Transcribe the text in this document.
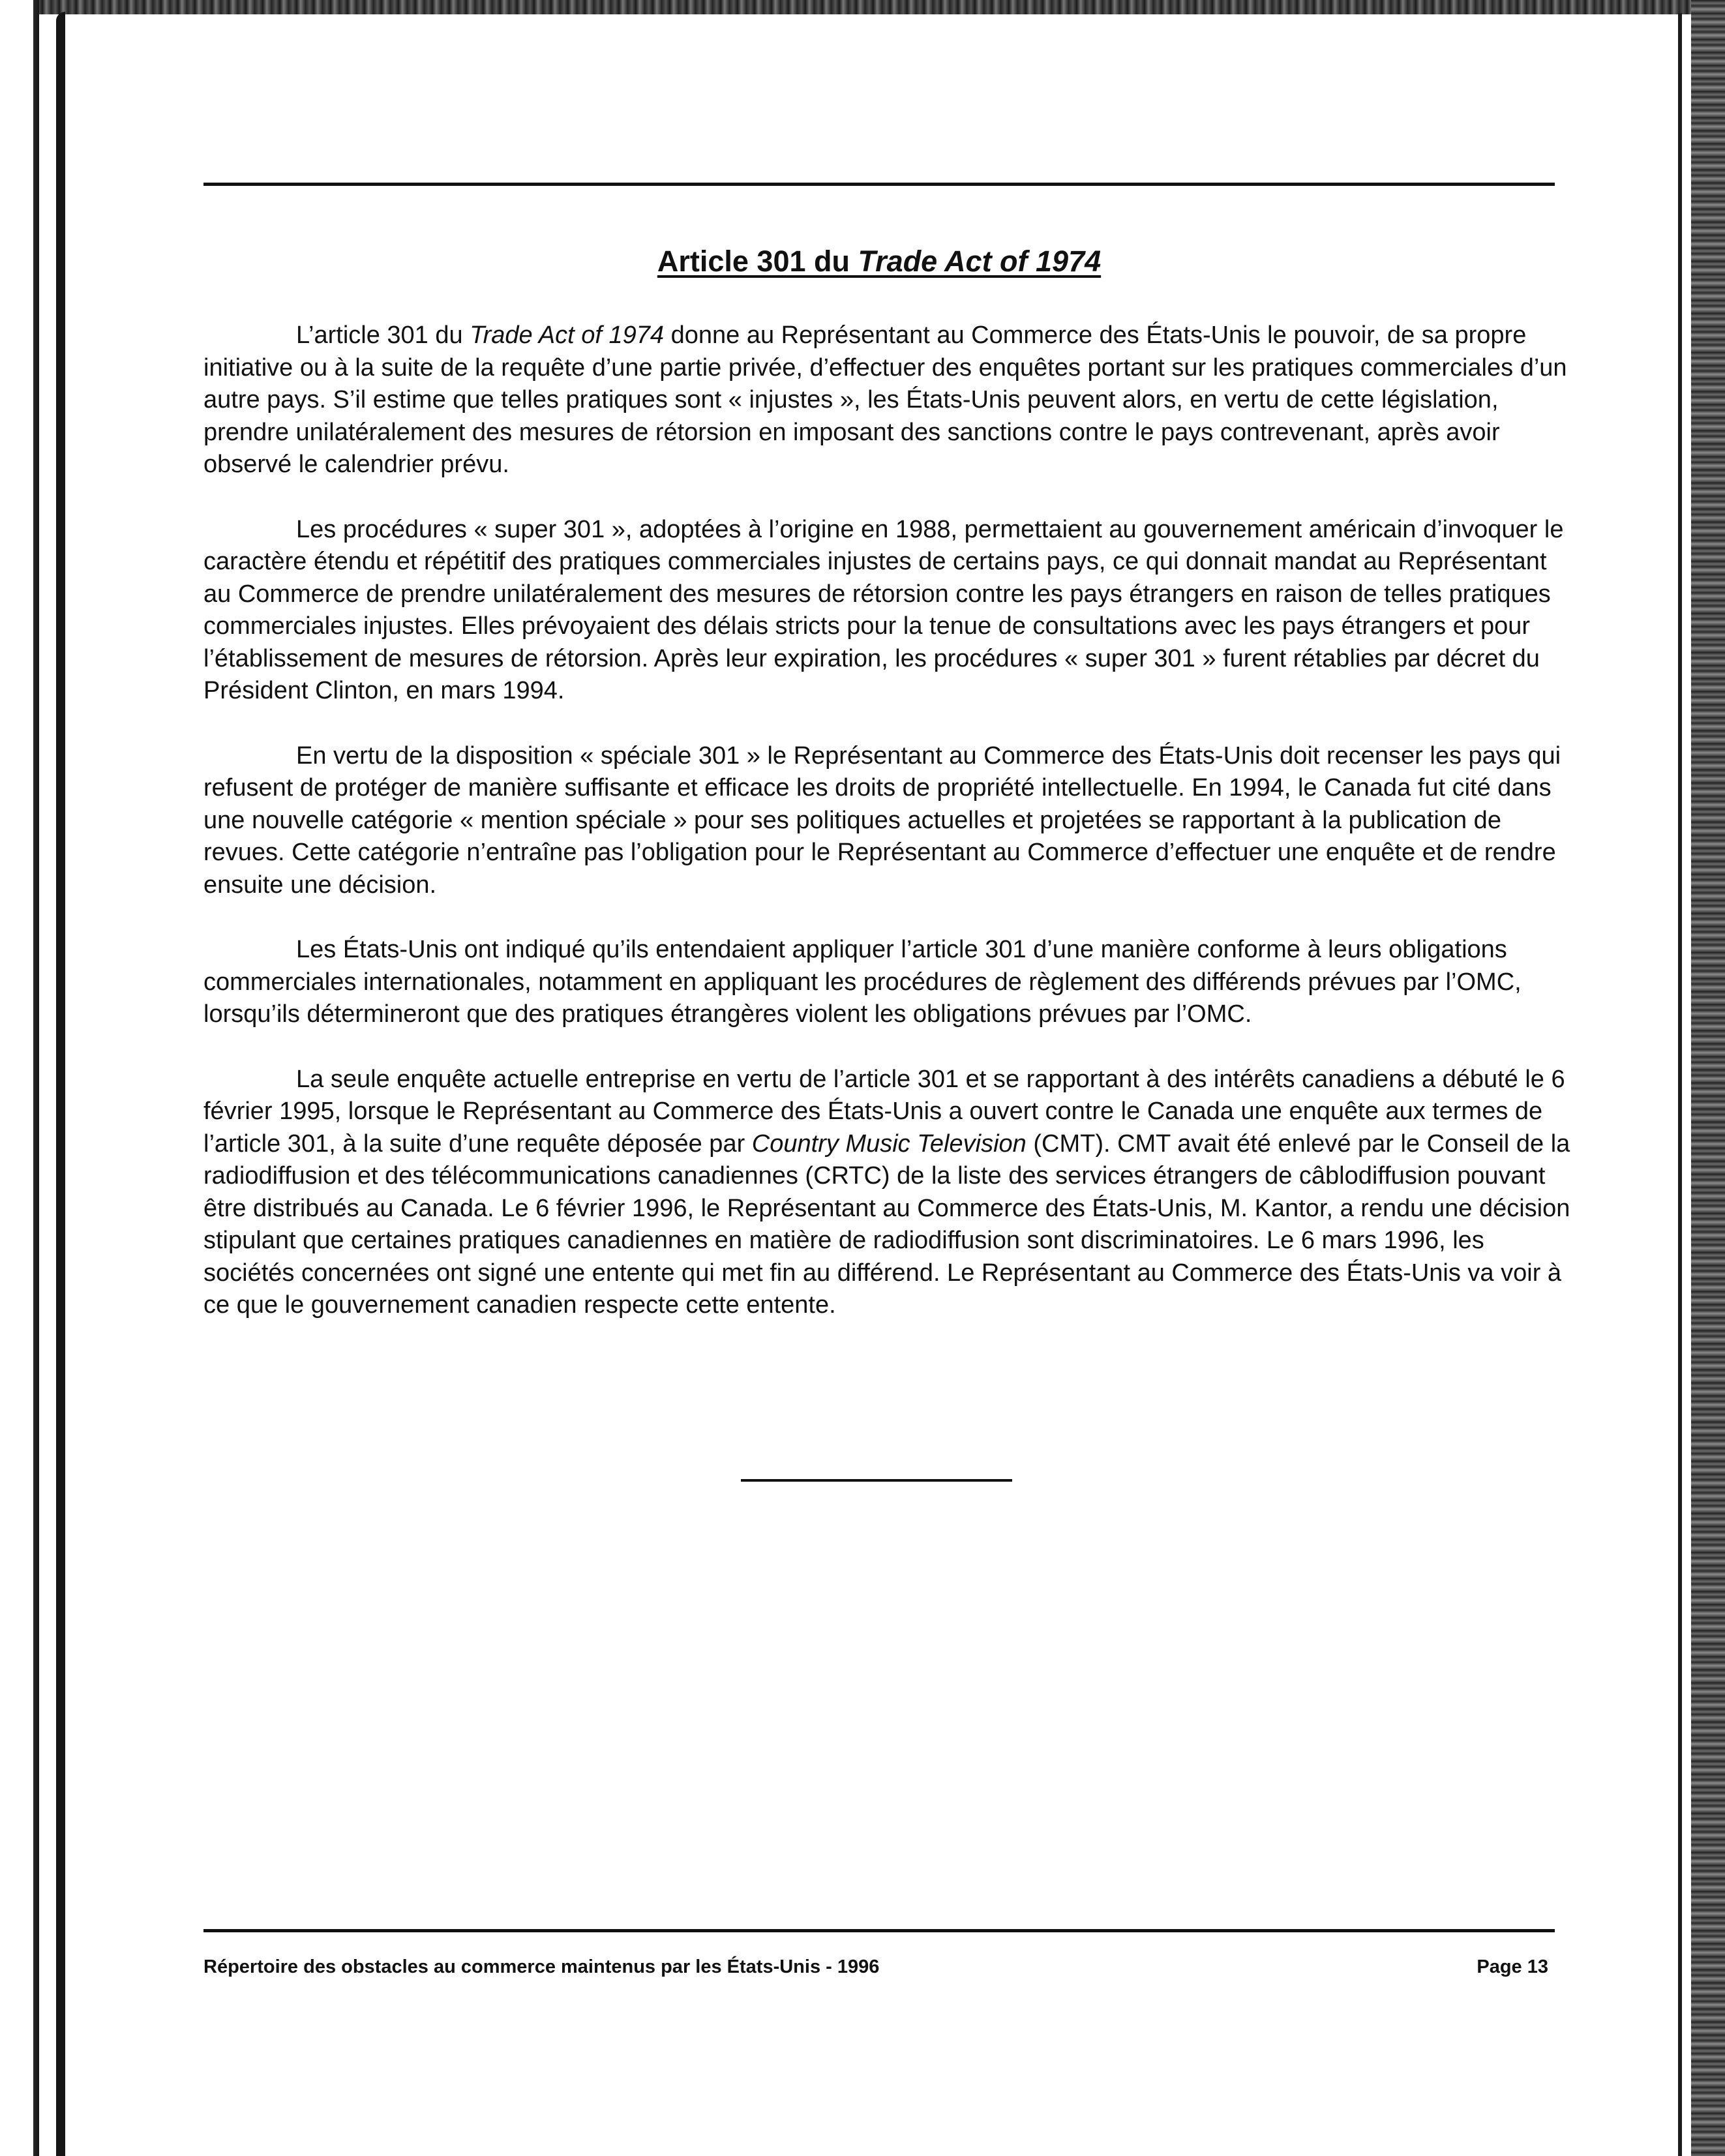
Article 301 du Trade Act of 1974

L’article 301 du Trade Act of 1974 donne au Représentant au Commerce des États-Unis le pouvoir, de sa propre initiative ou à la suite de la requête d’une partie privée, d’effectuer des enquêtes portant sur les pratiques commerciales d’un autre pays. S’il estime que telles pratiques sont « injustes », les États-Unis peuvent alors, en vertu de cette législation, prendre unilatéralement des mesures de rétorsion en imposant des sanctions contre le pays contrevenant, après avoir observé le calendrier prévu.

Les procédures « super 301 », adoptées à l’origine en 1988, permettaient au gouvernement américain d’invoquer le caractère étendu et répétitif des pratiques commerciales injustes de certains pays, ce qui donnait mandat au Représentant au Commerce de prendre unilatéralement des mesures de rétorsion contre les pays étrangers en raison de telles pratiques commerciales injustes. Elles prévoyaient des délais stricts pour la tenue de consultations avec les pays étrangers et pour l’établissement de mesures de rétorsion. Après leur expiration, les procédures « super 301 » furent rétablies par décret du Président Clinton, en mars 1994.

En vertu de la disposition « spéciale 301 » le Représentant au Commerce des États-Unis doit recenser les pays qui refusent de protéger de manière suffisante et efficace les droits de propriété intellectuelle. En 1994, le Canada fut cité dans une nouvelle catégorie « mention spéciale » pour ses politiques actuelles et projetées se rapportant à la publication de revues. Cette catégorie n’entraîne pas l’obligation pour le Représentant au Commerce d’effectuer une enquête et de rendre ensuite une décision.

Les États-Unis ont indiqué qu’ils entendaient appliquer l’article 301 d’une manière conforme à leurs obligations commerciales internationales, notamment en appliquant les procédures de règlement des différends prévues par l’OMC, lorsqu’ils détermineront que des pratiques étrangères violent les obligations prévues par l’OMC.

La seule enquête actuelle entreprise en vertu de l’article 301 et se rapportant à des intérêts canadiens a débuté le 6 février 1995, lorsque le Représentant au Commerce des États-Unis a ouvert contre le Canada une enquête aux termes de l’article 301, à la suite d’une requête déposée par Country Music Television (CMT). CMT avait été enlevé par le Conseil de la radiodiffusion et des télécommunications canadiennes (CRTC) de la liste des services étrangers de câblodiffusion pouvant être distribués au Canada. Le 6 février 1996, le Représentant au Commerce des États-Unis, M. Kantor, a rendu une décision stipulant que certaines pratiques canadiennes en matière de radiodiffusion sont discriminatoires. Le 6 mars 1996, les sociétés concernées ont signé une entente qui met fin au différend. Le Représentant au Commerce des États-Unis va voir à ce que le gouvernement canadien respecte cette entente.

Répertoire des obstacles au commerce maintenus par les États-Unis - 1996	Page 13
